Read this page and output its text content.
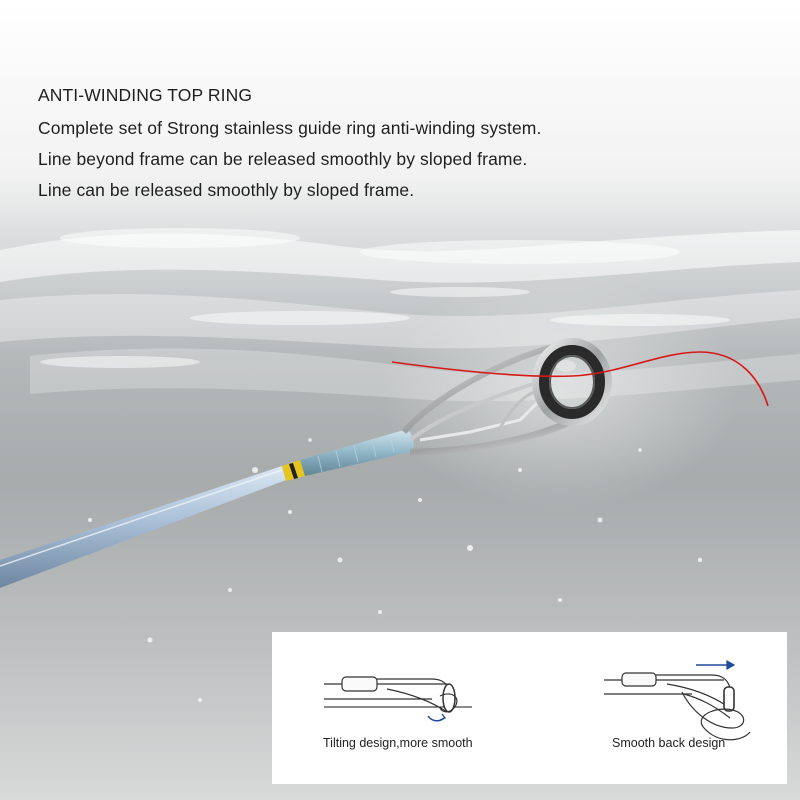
ANTI-WINDING TOP RING
Complete set of Strong stainless guide ring anti-winding system.
Line beyond frame can be released smoothly by sloped frame.
Line can be released smoothly by sloped frame.
Tilting design,more smooth	Smooth back design
